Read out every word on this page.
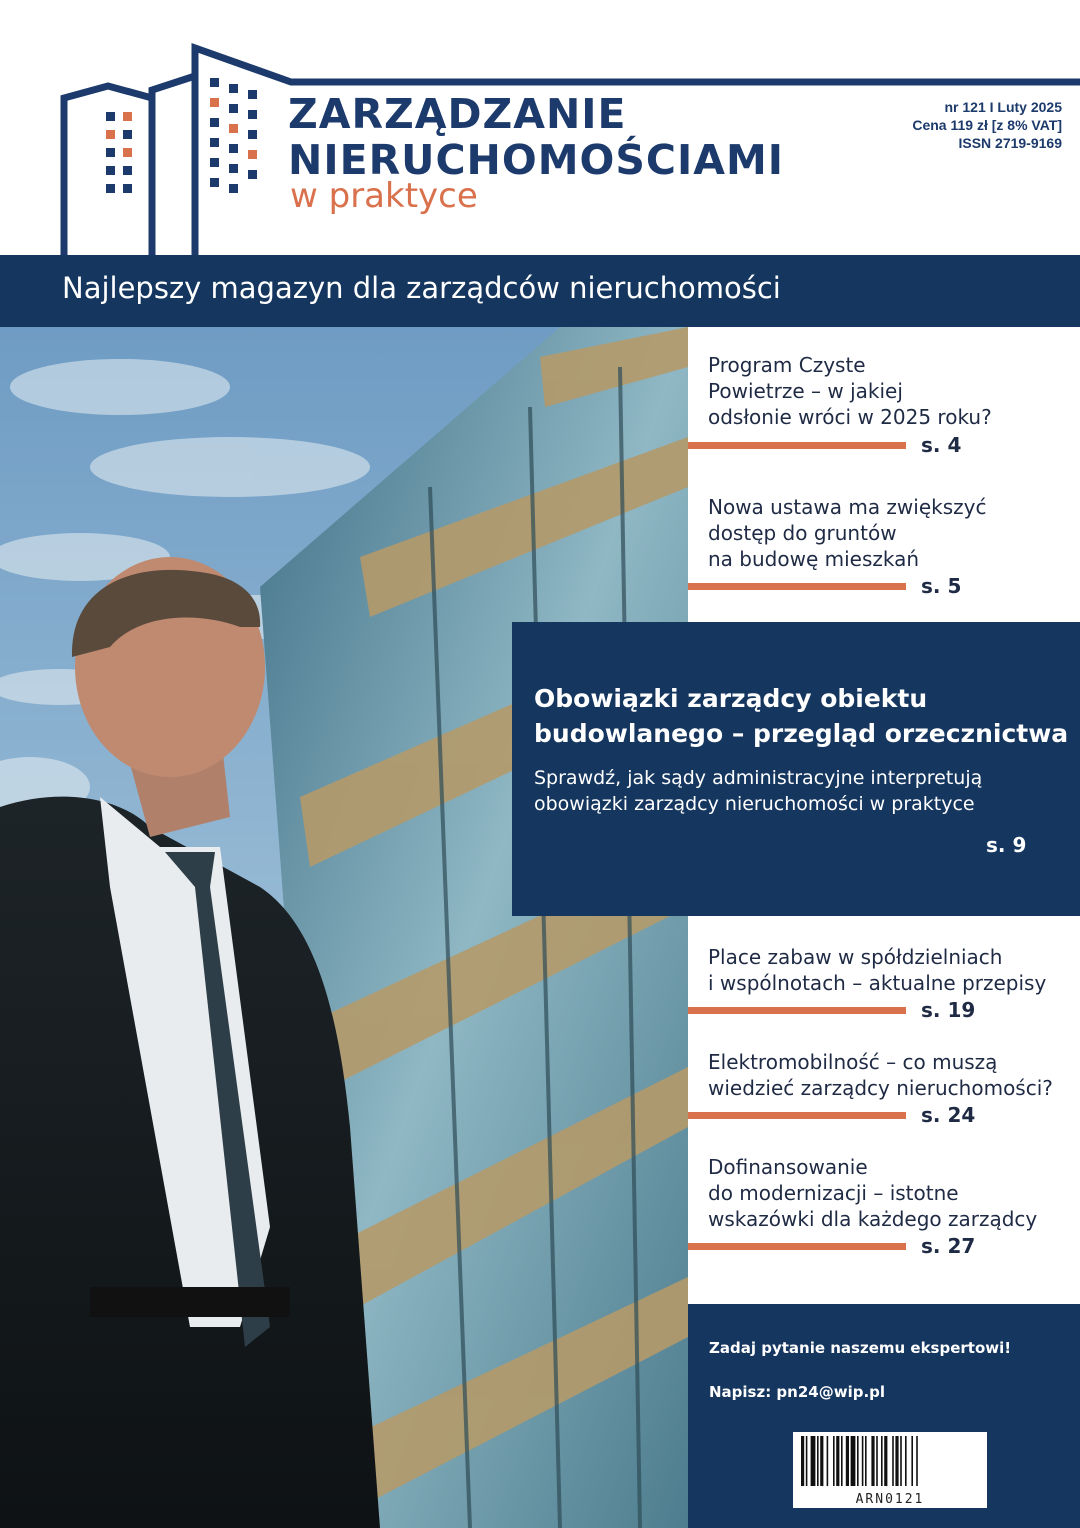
ZARZĄDZANIE
NIERUCHOMOŚCIAMI
w praktyce
nr 121 I Luty 2025
Cena 119 zł [z 8% VAT]
ISSN 2719-9169
Najlepszy magazyn dla zarządców nieruchomości
Program Czyste
Powietrze – w jakiej
odsłonie wróci w 2025 roku?
s. 4
Nowa ustawa ma zwiększyć
dostęp do gruntów
na budowę mieszkań
s. 5
Obowiązki zarządcy obiektu
budowlanego – przegląd orzecznictwa
Sprawdź, jak sądy administracyjne interpretują
obowiązki zarządcy nieruchomości w praktyce
s. 9
Place zabaw w spółdzielniach
i wspólnotach – aktualne przepisy
s. 19
Elektromobilność – co muszą
wiedzieć zarządcy nieruchomości?
s. 24
Dofinansowanie
do modernizacji – istotne
wskazówki dla każdego zarządcy
s. 27
Zadaj pytanie naszemu ekspertowi!
Napisz: pn24@wip.pl
ARN0121
